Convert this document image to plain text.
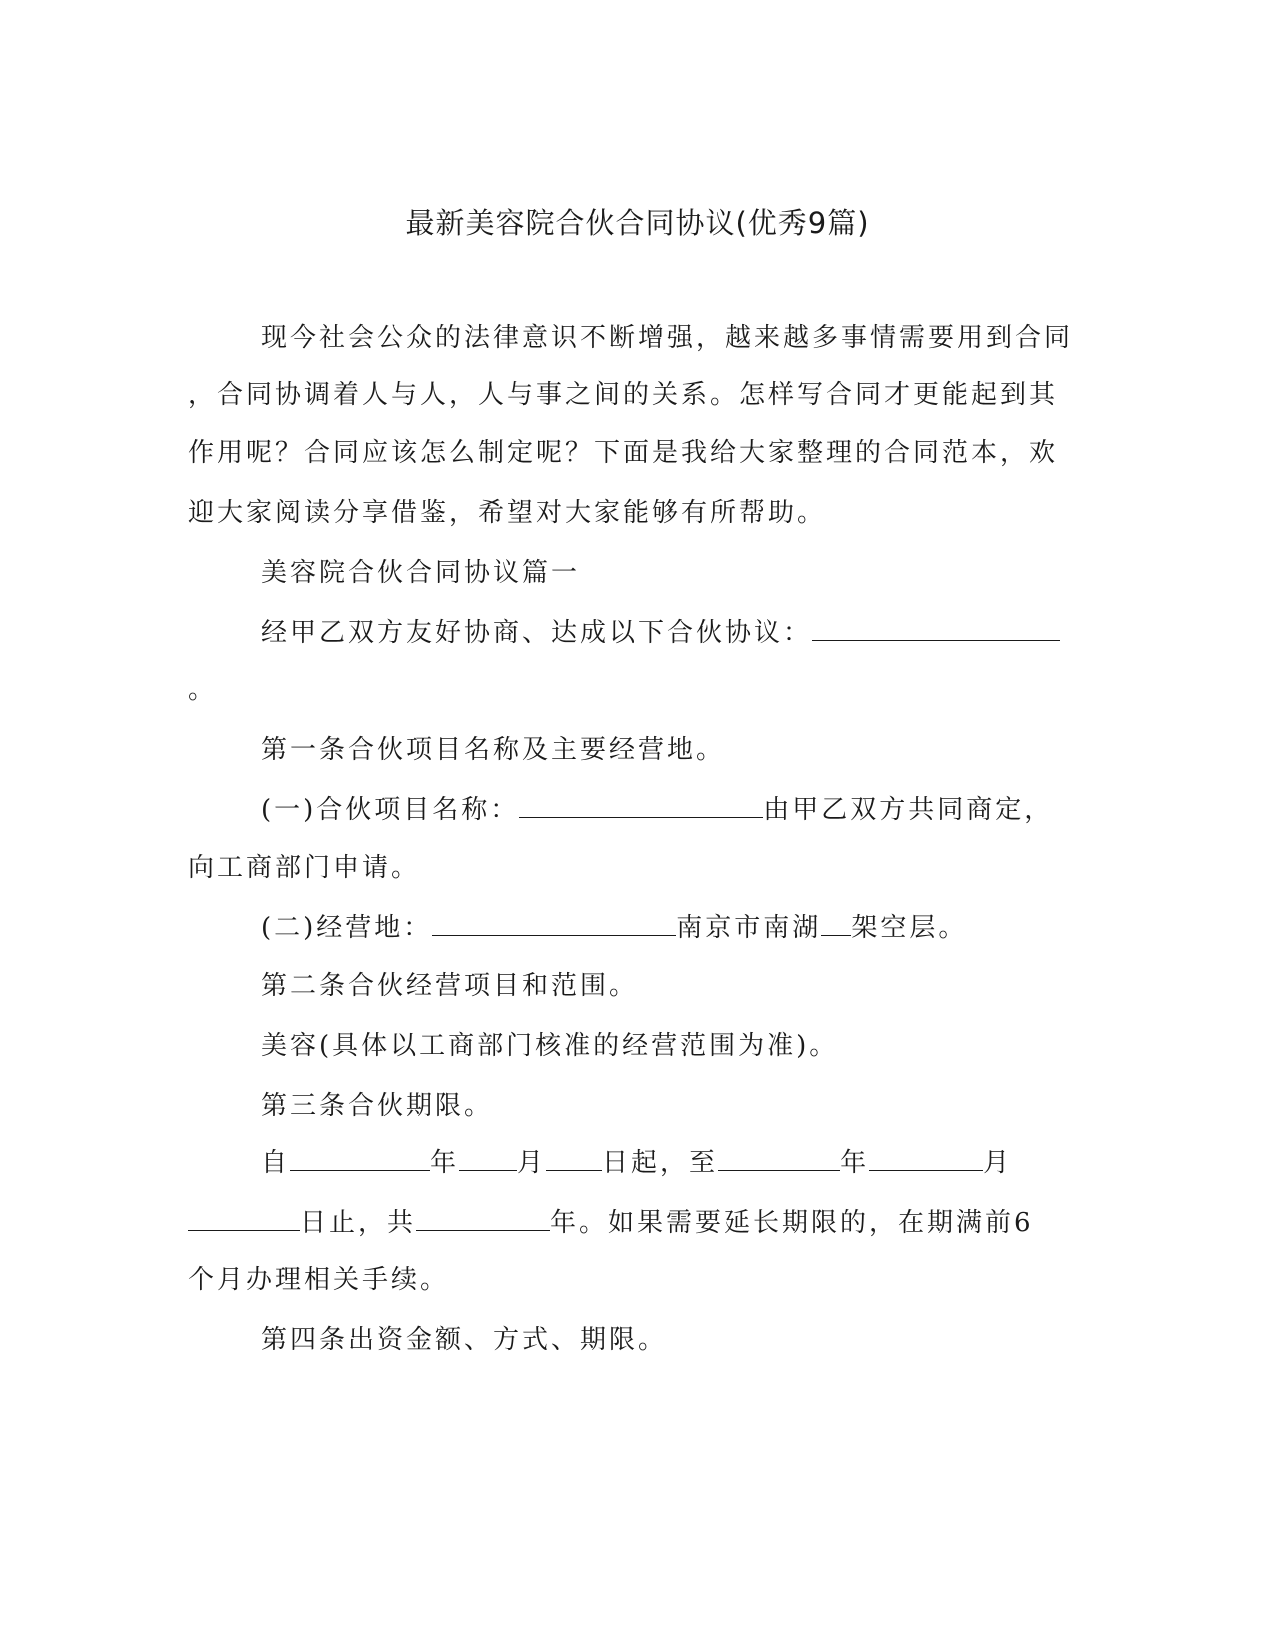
最新美容院合伙合同协议(优秀9篇)
现今社会公众的法律意识不断增强，越来越多事情需要用到合同
，合同协调着人与人，人与事之间的关系。怎样写合同才更能起到其
作用呢？合同应该怎么制定呢？下面是我给大家整理的合同范本，欢
迎大家阅读分享借鉴，希望对大家能够有所帮助。
美容院合伙合同协议篇一
经甲乙双方友好协商、达成以下合伙协议：
。
第一条合伙项目名称及主要经营地。
(一)合伙项目名称：	由甲乙双方共同商定，
向工商部门申请。
(二)经营地：	南京市南湖 架空层。
第二条合伙经营项目和范围。
美容(具体以工商部门核准的经营范围为准)。
第三条合伙期限。
自	年 月 日起，至	年	月
日止，共	年。如果需要延长期限的，在期满前6
个月办理相关手续。
第四条出资金额、方式、期限。
